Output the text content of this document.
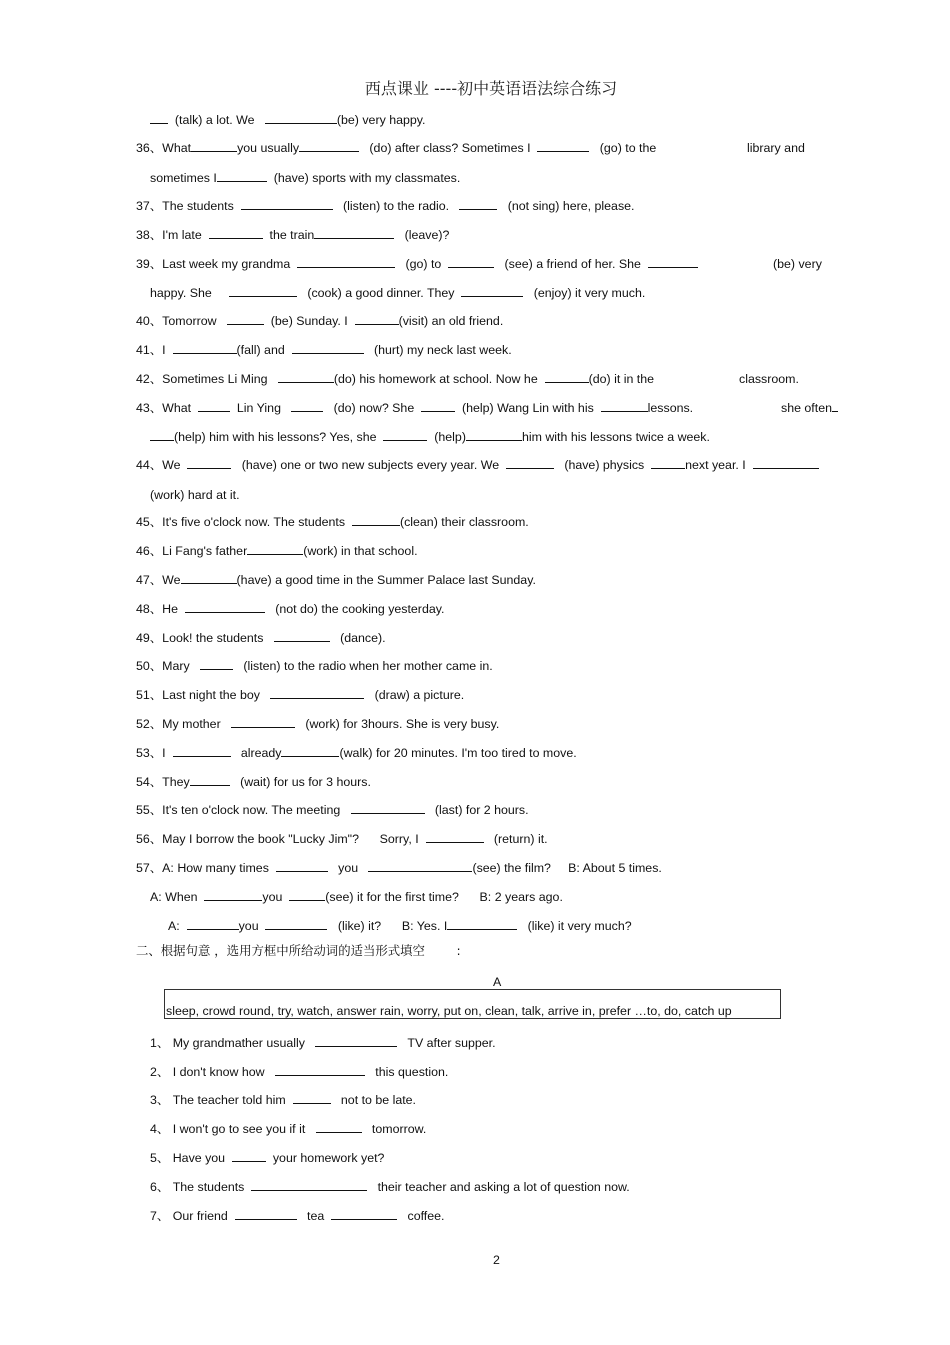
西点课业 ----初中英语语法综合练习
(talk) a lot. We	(be) very happy.
36、What	you usually	(do) after class? Sometimes I	(go) to the	library and
sometimes I	(have) sports with my classmates.
37、The students	(listen) to the radio.	(not sing) here, please.
38、I'm late	the train	(leave)?
39、Last week my grandma	(go) to	(see) a friend of her. She	(be) very
happy. She	(cook) a good dinner. They	(enjoy) it very much.
40、Tomorrow	(be) Sunday. I	(visit) an old friend.
41、I	(fall) and	(hurt) my neck last week.
42、Sometimes Li Ming	(do) his homework at school. Now he	(do) it in the	classroom.
43、What	Lin Ying	(do) now? She	(help) Wang Lin with his	lessons.	she often
(help) him with his lessons? Yes, she	(help)	him with his lessons twice a week.
44、We	(have) one or two new subjects every year. We	(have) physics	next year. I
(work) hard at it.
45、It's five o'clock now. The students	(clean) their classroom.
46、Li Fang's father	(work) in that school.
47、We	(have) a good time in the Summer Palace last Sunday.
48、He	(not do) the cooking yesterday.
49、Look! the students	(dance).
50、Mary	(listen) to the radio when her mother came in.
51、Last night the boy	(draw) a picture.
52、My mother	(work) for 3hours. She is very busy.
53、I	already	(walk) for 20 minutes. I'm too tired to move.
54、They	(wait) for us for 3 hours.
55、It's ten o'clock now. The meeting	(last) for 2 hours.
56、May I borrow the book "Lucky Jim"? Sorry, I	(return) it.
57、A: How many times	you	(see) the film? B: About 5 times.
A: When	you	(see) it for the first time? B: 2 years ago.
A:	you	(like) it? B: Yes. I	(like) it very much?
二、根据句意 ，选用方框中所给动词的适当形式填空	:
A
sleep, crowd round, try, watch, answer rain, worry, put on, clean, talk, arrive in, prefer …to, do, catch up
1、 My grandmather usually	TV after supper.
2、 I don't know how	this question.
3、 The teacher told him	not to be late.
4、 I won't go to see you if it	tomorrow.
5、 Have you	your homework yet?
6、 The students	their teacher and asking a lot of question now.
7、 Our friend	tea	coffee.
2
